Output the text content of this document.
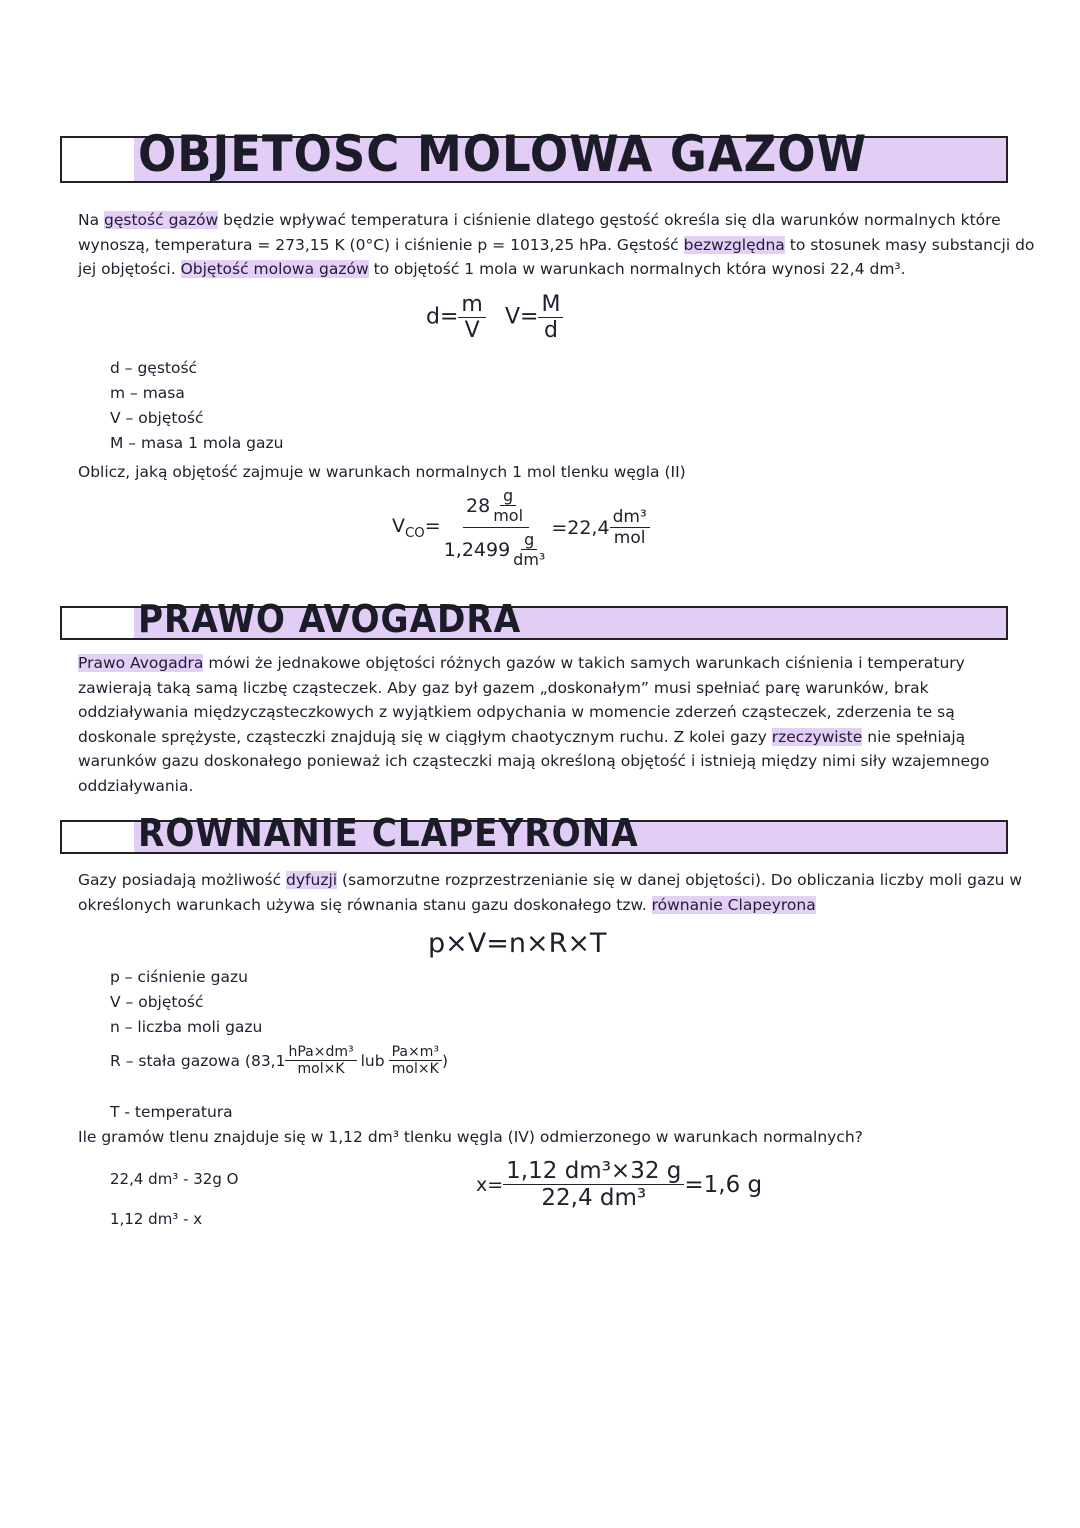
OBJETOSC MOLOWA GAZOW
Na gęstość gazów będzie wpływać temperatura i ciśnienie dlatego gęstość określa się dla warunków normalnych które
wynoszą, temperatura = 273,15 K (0°C) i ciśnienie p = 1013,25 hPa. Gęstość bezwzględna to stosunek masy substancji do
jej objętości. Objętość molowa gazów to objętość 1 mola w warunkach normalnych która wynosi 22,4 dm³.
$d= \frac{m}{V} V= \frac{M}{d}$
d – gęstość
m – masa
V – objętość
M – masa 1 mola gazu
Oblicz, jaką objętość zajmuje w warunkach normalnych 1 mol tlenku węgla (II)
$V_{CO}= \frac{28 \frac{g}{\text{mol}}}{1,2499 \frac{g}{\text{dm³}}} =22,4 \frac{\text{dm³}}{\text{mol}}$
PRAWO AVOGADRA
Prawo Avogadra mówi że jednakowe objętości różnych gazów w takich samych warunkach ciśnienia i temperatury
zawierają taką samą liczbę cząsteczek. Aby gaz był gazem „doskonałym” musi spełniać parę warunków, brak
oddziaływania międzycząsteczkowych z wyjątkiem odpychania w momencie zderzeń cząsteczek, zderzenia te są
doskonale sprężyste, cząsteczki znajdują się w ciągłym chaotycznym ruchu. Z kolei gazy rzeczywiste nie spełniają
warunków gazu doskonałego ponieważ ich cząsteczki mają określoną objętość i istnieją między nimi siły wzajemnego
oddziaływania.
ROWNANIE CLAPEYRONA
Gazy posiadają możliwość dyfuzji (samorzutne rozprzestrzenianie się w danej objętości). Do obliczania liczby moli gazu w
określonych warunkach używa się równania stanu gazu doskonałego tzw. równanie Clapeyrona
p×V=n×R×T
p – ciśnienie gazu
V – objętość
n – liczba moli gazu
R – stała gazowa ($83,1 \frac{\text{hPa×dm³}}{\text{mol×K}}$ lub $\frac{\text{Pa×m³}}{\text{mol×K}}$ )
T - temperatura
Ile gramów tlenu znajduje się w 1,12 dm³ tlenku węgla (IV) odmierzonego w warunkach normalnych?
22,4 dm³ - 32g O
1,12 dm³ - x
$x= \frac{\text{1,12 dm³×32 g}}{\text{22,4 dm³}} =1,6$ g
